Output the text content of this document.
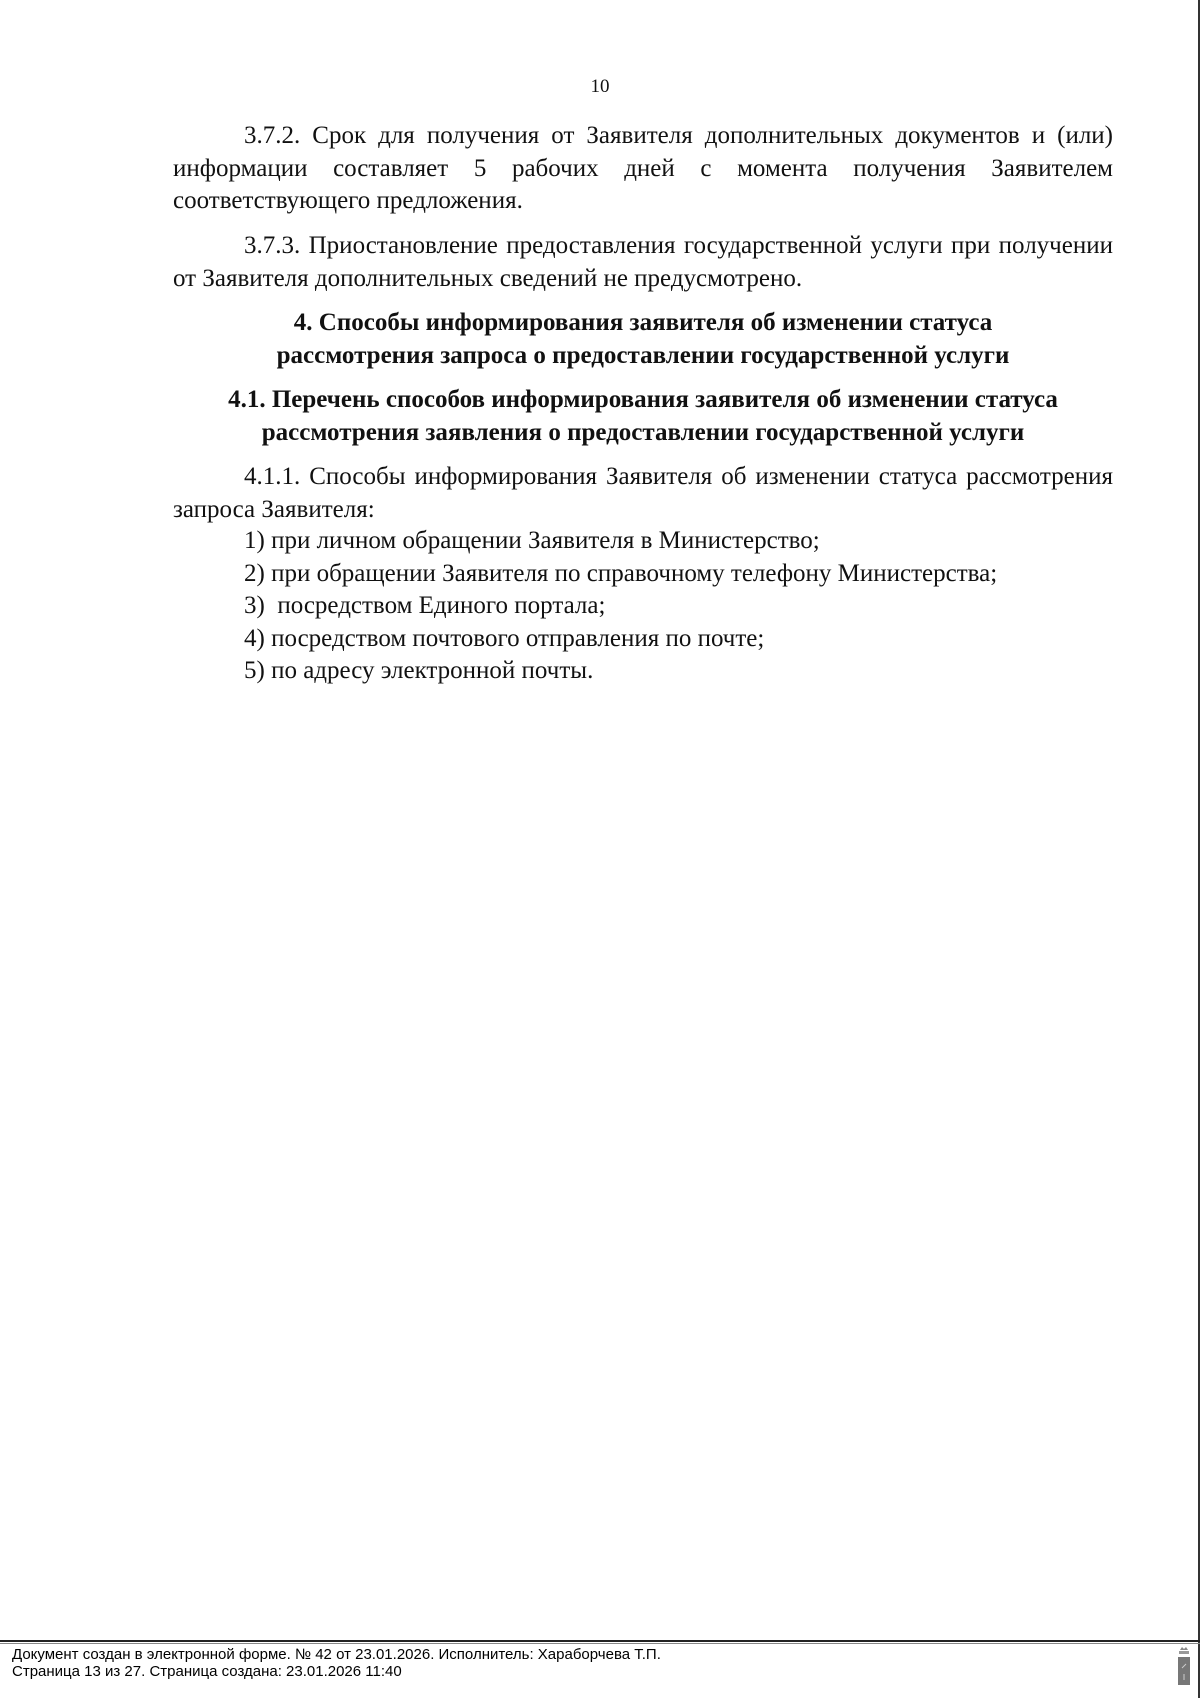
10
3.7.2. Срок для получения от Заявителя дополнительных документов и (или) информации составляет 5 рабочих дней с момента получения Заявителем соответствующего предложения.
3.7.3. Приостановление предоставления государственной услуги при получении от Заявителя дополнительных сведений не предусмотрено.
4. Способы информирования заявителя об изменении статуса рассмотрения запроса о предоставлении государственной услуги
4.1. Перечень способов информирования заявителя об изменении статуса рассмотрения заявления о предоставлении государственной услуги
4.1.1. Способы информирования Заявителя об изменении статуса рассмотрения запроса Заявителя:
1) при личном обращении Заявителя в Министерство;
2) при обращении Заявителя по справочному телефону Министерства;
3)  посредством Единого портала;
4) посредством почтового отправления по почте;
5) по адресу электронной почты.
Документ создан в электронной форме. № 42 от 23.01.2026. Исполнитель: Хараборчева Т.П.
Страница 13 из 27. Страница создана: 23.01.2026 11:40
